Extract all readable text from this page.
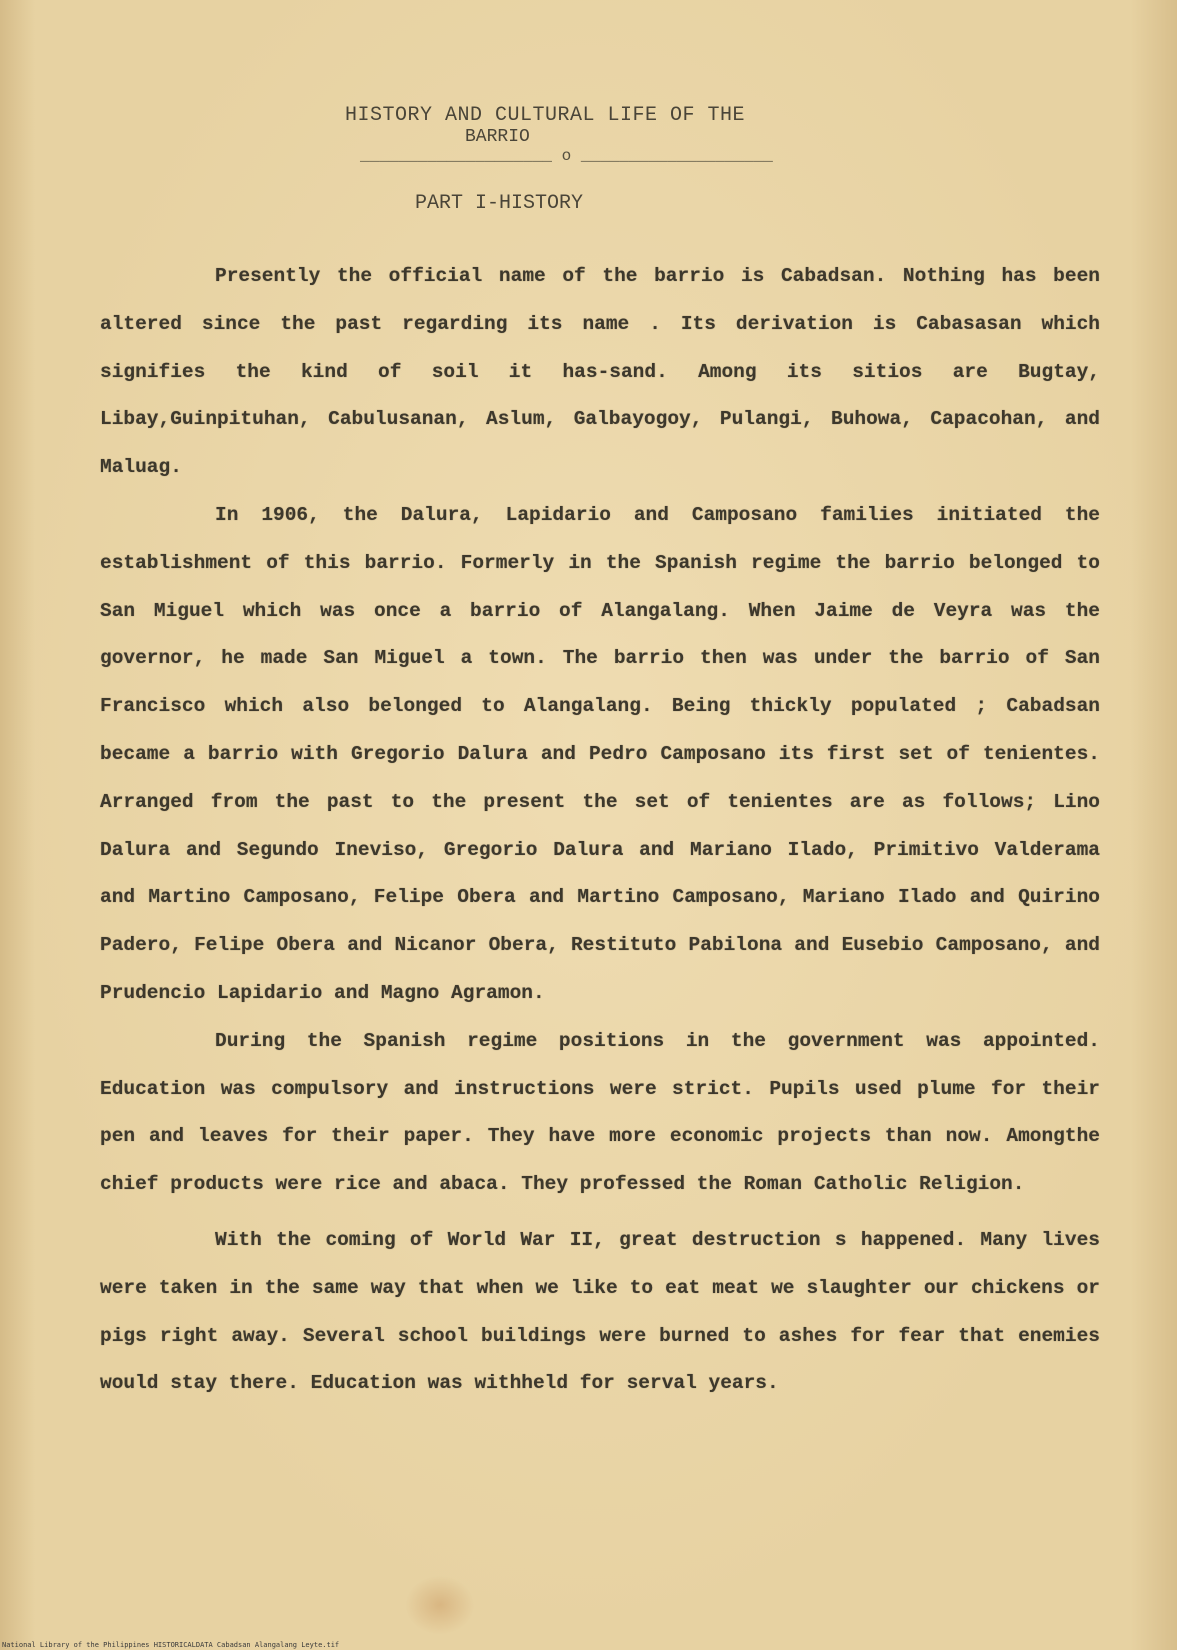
HISTORY AND CULTURAL LIFE OF THE
BARRIO
____________________ o ____________________
PART I-HISTORY

Presently the official name of the barrio is Cabadsan. Nothing has been altered since the past regarding its name . Its derivation is Cabasasan which signifies the kind of soil it has-sand. Among its sitios are Bugtay, Libay,Guinpituhan, Cabulusanan, Aslum, Galbayogoy, Pulangi, Buhowa, Capacohan, and Maluag.

In 1906, the Dalura, Lapidario and Camposano families initiated the establishment of this barrio. Formerly in the Spanish regime the barrio belonged to San Miguel which was once a barrio of Alangalang. When Jaime de Veyra was the governor, he made San Miguel a town. The barrio then was under the barrio of San Francisco which also belonged to Alangalang. Being thickly populated ; Cabadsan became a barrio with Gregorio Dalura and Pedro Camposano its first set of tenientes. Arranged from the past to the present the set of tenientes are as follows; Lino Dalura and Segundo Ineviso, Gregorio Dalura and Mariano Ilado, Primitivo Valderama and Martino Camposano, Felipe Obera and Martino Camposano, Mariano Ilado and Quirino Padero, Felipe Obera and Nicanor Obera, Restituto Pabilona and Eusebio Camposano, and Prudencio Lapidario and Magno Agramon.

During the Spanish regime positions in the government was appointed. Education was compulsory and instructions were strict. Pupils used plume for their pen and leaves for their paper. They have more economic projects than now. Amongthe chief products were rice and abaca. They professed the Roman Catholic Religion.

With the coming of World War II, great destruction s happened. Many lives were taken in the same way that when we like to eat meat we slaughter our chickens or pigs right away. Several school buildings were burned to ashes for fear that enemies would stay there. Education was withheld for serval years.

National Library of the Philippines HISTORICALDATA Cabadsan Alangalang Leyte.tif
